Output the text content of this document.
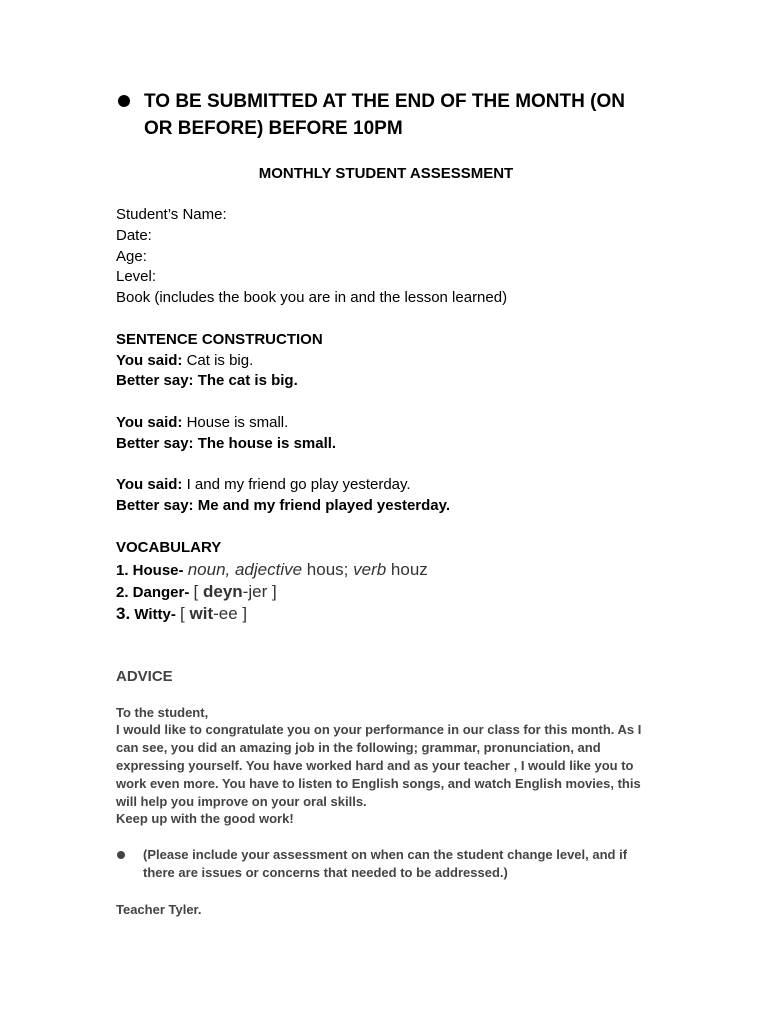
TO BE SUBMITTED AT THE END OF THE MONTH (ON OR BEFORE) BEFORE 10PM

MONTHLY STUDENT ASSESSMENT
Student’s Name:
Date:
Age:
Level:
Book (includes the book you are in and the lesson learned)
SENTENCE CONSTRUCTION
You said: Cat is big.
Better say: The cat is big.
You said: House is small.
Better say: The house is small.
You said: I and my friend go play yesterday.
Better say: Me and my friend played yesterday.
VOCABULARY
1. House- noun, adjective hous; verb houz
2. Danger- [ deyn-jer ]
3. Witty- [ wit-ee ]
ADVICE
To the student,
I would like to congratulate you on your performance in our class for this month. As I can see, you did an amazing job in the following; grammar, pronunciation, and expressing yourself. You have worked hard and as your teacher , I would like you to work even more. You have to listen to English songs, and watch English movies, this will help you improve on your oral skills.
Keep up with the good work!
(Please include your assessment on when can the student change level, and if there are issues or concerns that needed to be addressed.)
Teacher Tyler.
